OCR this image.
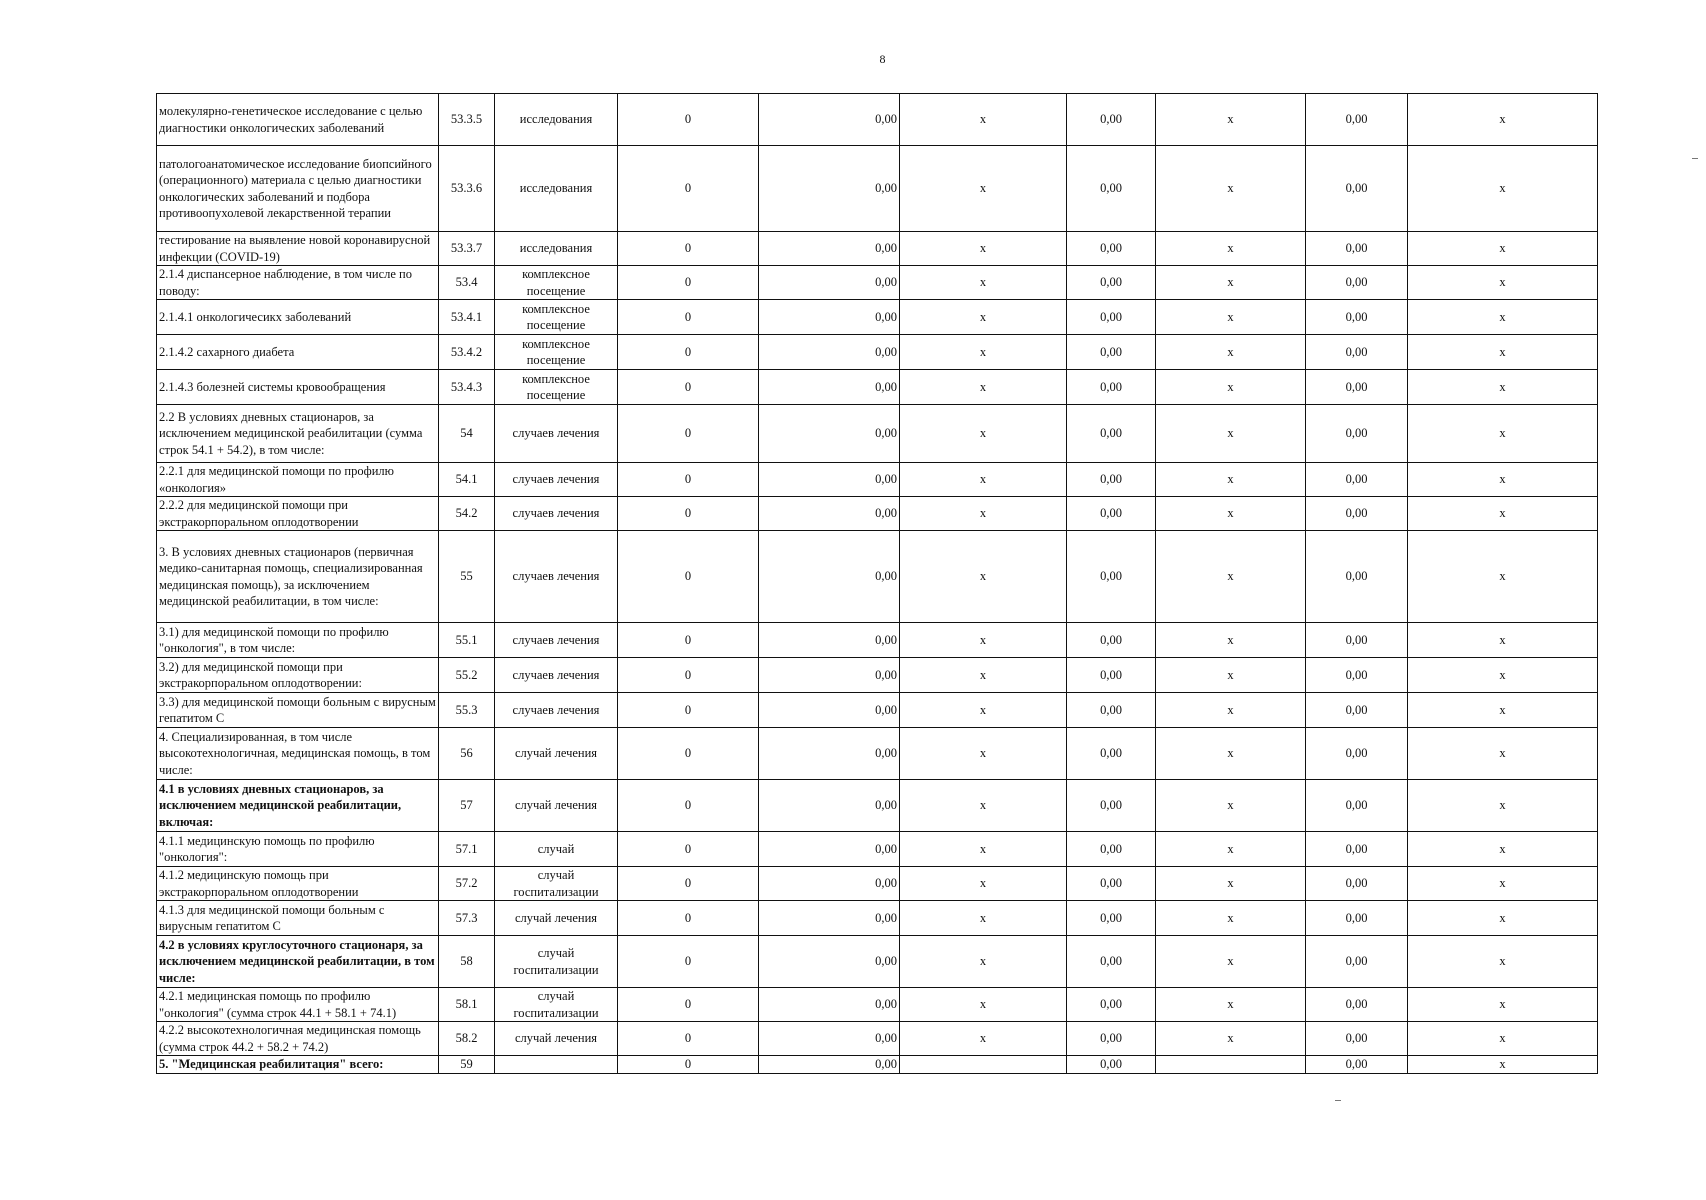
8
молекулярно-генетическое исследование с целью диагностики онкологических заболеваний	53.3.5	исследования	0	0,00	x	0,00	x	0,00	x
патологоанатомическое исследование биопсийного (операционного) материала с целью диагностики онкологических заболеваний и подбора противоопухолевой лекарственной терапии	53.3.6	исследования	0	0,00	x	0,00	x	0,00	x
тестирование на выявление новой коронавирусной инфекции (COVID-19)	53.3.7	исследования	0	0,00	x	0,00	x	0,00	x
2.1.4 диспансерное наблюдение, в том числе по поводу:	53.4	комплексное посещение	0	0,00	x	0,00	x	0,00	x
2.1.4.1 онкологичесикх заболеваний	53.4.1	комплексное посещение	0	0,00	x	0,00	x	0,00	x
2.1.4.2 сахарного диабета	53.4.2	комплексное посещение	0	0,00	x	0,00	x	0,00	x
2.1.4.3 болезней системы кровообращения	53.4.3	комплексное посещение	0	0,00	x	0,00	x	0,00	x
2.2 В условиях дневных стационаров, за исключением медицинской реабилитации (сумма строк 54.1 + 54.2), в том числе:	54	случаев лечения	0	0,00	x	0,00	x	0,00	x
2.2.1 для медицинской помощи по профилю «онкология»	54.1	случаев лечения	0	0,00	x	0,00	x	0,00	x
2.2.2 для медицинской помощи при экстракорпоральном оплодотворении	54.2	случаев лечения	0	0,00	x	0,00	x	0,00	x
3. В условиях дневных стационаров (первичная медико-санитарная помощь, специализированная медицинская помощь), за исключением медицинской реабилитации, в том числе:	55	случаев лечения	0	0,00	x	0,00	x	0,00	x
3.1) для медицинской помощи по профилю "онкология", в том числе:	55.1	случаев лечения	0	0,00	x	0,00	x	0,00	x
3.2) для медицинской помощи при экстракорпоральном оплодотворении:	55.2	случаев лечения	0	0,00	x	0,00	x	0,00	x
3.3) для медицинской помощи больным с вирусным гепатитом С	55.3	случаев лечения	0	0,00	x	0,00	x	0,00	x
4. Специализированная, в том числе высокотехнологичная, медицинская помощь, в том числе:	56	случай лечения	0	0,00	x	0,00	x	0,00	x
4.1 в условиях дневных стационаров, за исключением медицинской реабилитации, включая:	57	случай лечения	0	0,00	x	0,00	x	0,00	x
4.1.1 медицинскую помощь по профилю "онкология":	57.1	случай	0	0,00	x	0,00	x	0,00	x
4.1.2 медицинскую помощь при экстракорпоральном оплодотворении	57.2	случай госпитализации	0	0,00	x	0,00	x	0,00	x
4.1.3 для медицинской помощи больным с вирусным гепатитом С	57.3	случай лечения	0	0,00	x	0,00	x	0,00	x
4.2 в условиях круглосуточного стационаря, за исключением медицинской реабилитации, в том числе:	58	случай госпитализации	0	0,00	x	0,00	x	0,00	x
4.2.1 медицинская помощь по профилю "онкология" (сумма строк 44.1 + 58.1 + 74.1)	58.1	случай госпитализации	0	0,00	x	0,00	x	0,00	x
4.2.2 высокотехнологичная медицинская помощь (сумма строк 44.2 + 58.2 + 74.2)	58.2	случай лечения	0	0,00	x	0,00	x	0,00	x
5. "Медицинская реабилитация" всего:	59		0	0,00		0,00		0,00	x
